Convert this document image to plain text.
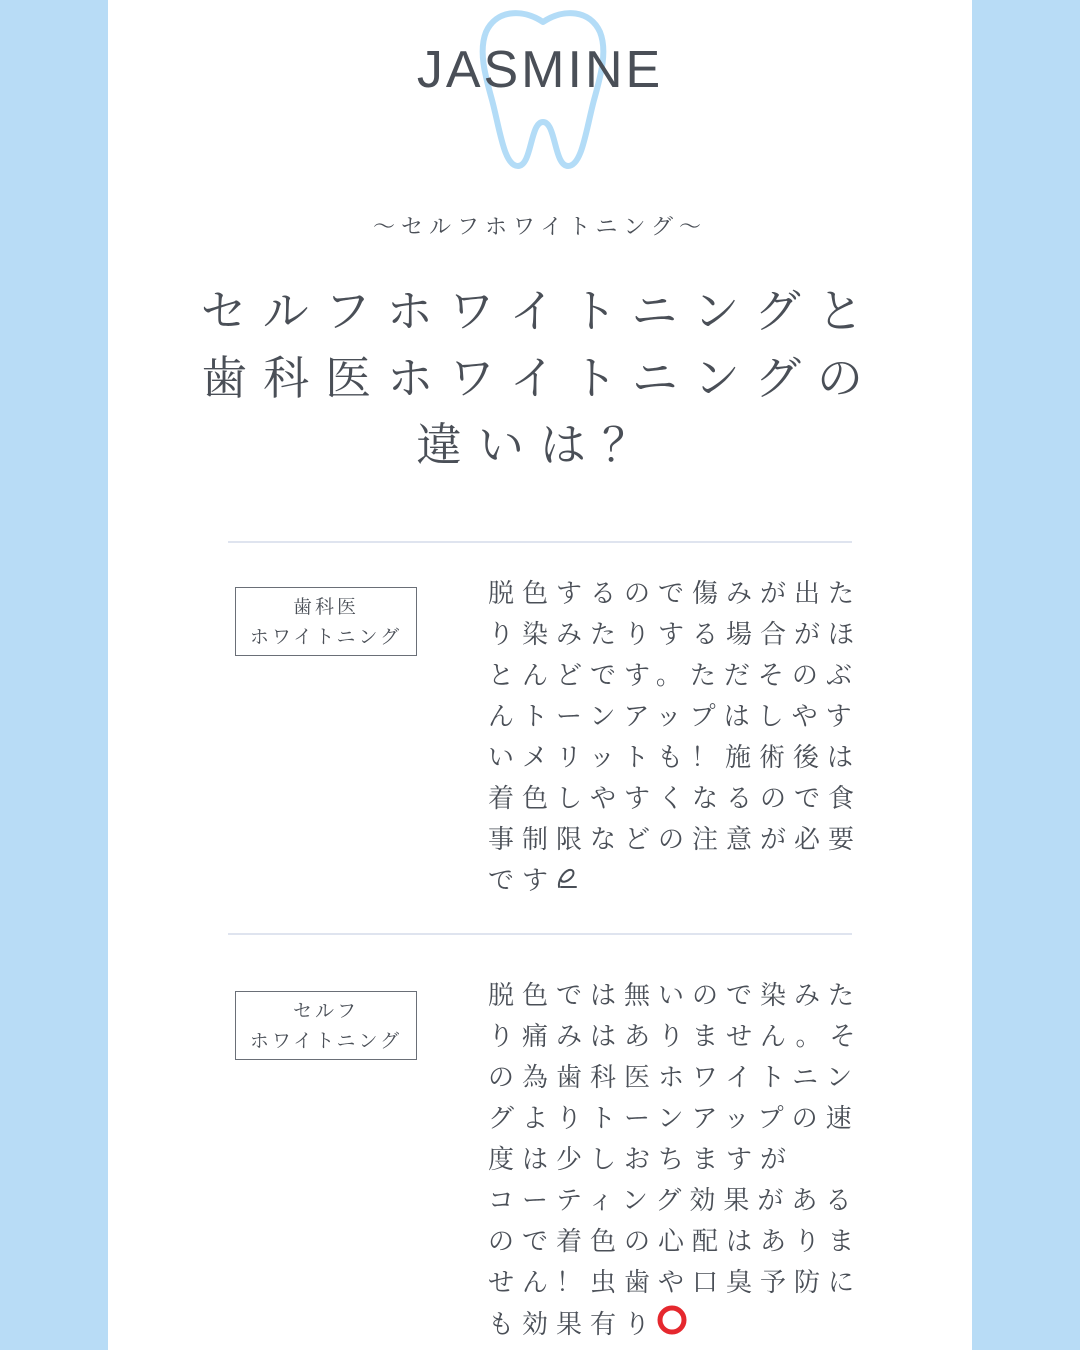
JASMINE
〜セルフホワイトニング〜
セルフホワイトニングと
歯科医ホワイトニングの
違いは？
歯科医
ホワイトニング
脱色するので傷みが出た
り染みたりする場合がほ
とんどです。ただそのぶ
んトーンアップはしやす
いメリットも！施術後は
着色しやすくなるので食
事制限などの注意が必要
です
セルフ
ホワイトニング
脱色では無いので染みた
り痛みはありません。そ
の為歯科医ホワイトニン
グよりトーンアップの速
度は少しおちますが
コーティング効果がある
ので着色の心配はありま
せん！虫歯や口臭予防に
も効果有り
